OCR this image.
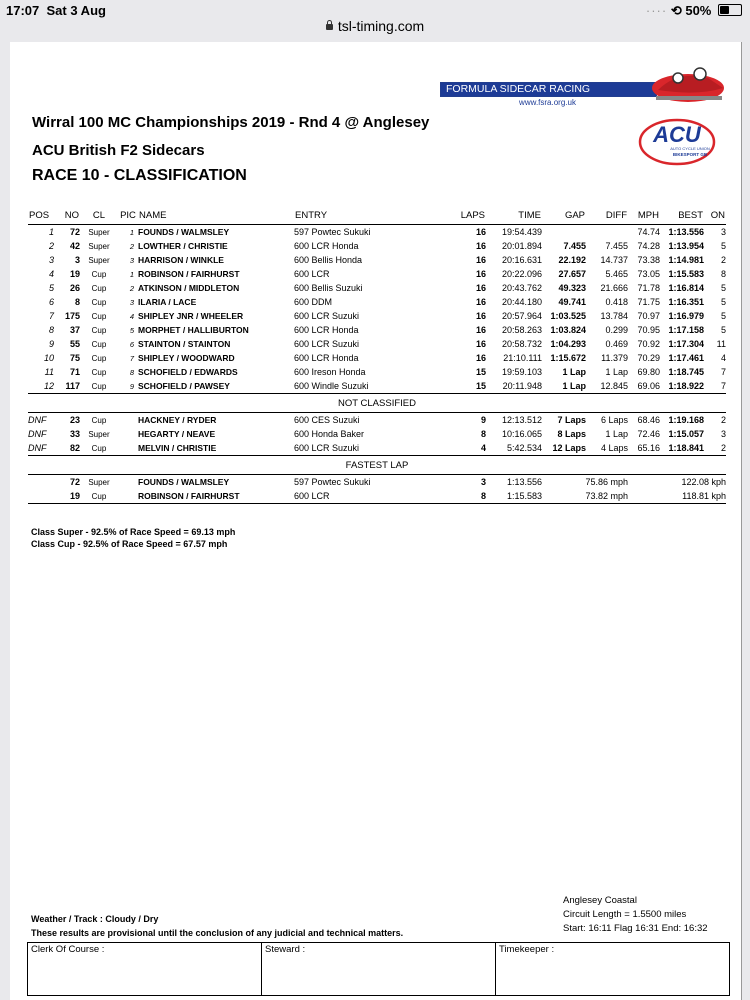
17:07 Sat 3 Aug	···· ⟲ 50%
tsl-timing.com
FORMULA SIDECAR RACING ASSOCIATION www.fsra.org.uk
ACU
AUTO CYCLE UNION
BIKESPORT GB
Wirral 100 MC Championships 2019 - Rnd 4 @ Anglesey
ACU British F2 Sidecars
RACE 10 - CLASSIFICATION
POS	NO	CL	PIC	NAME	ENTRY	LAPS	TIME	GAP	DIFF	MPH	BEST	ON	
1	72	Super	1	FOUNDS / WALMSLEY	597 Powtec Sukuki	16	19:54.439			74.74	1:13.556	3	
2	42	Super	2	LOWTHER / CHRISTIE	600 LCR Honda	16	20:01.894	7.455	7.455	74.28	1:13.954	5	
3	3	Super	3	HARRISON / WINKLE	600 Bellis Honda	16	20:16.631	22.192	14.737	73.38	1:14.981	2	
4	19	Cup	1	ROBINSON / FAIRHURST	600 LCR	16	20:22.096	27.657	5.465	73.05	1:15.583	8	
5	26	Cup	2	ATKINSON / MIDDLETON	600 Bellis Suzuki	16	20:43.762	49.323	21.666	71.78	1:16.814	5	
6	8	Cup	3	ILARIA / LACE	600 DDM	16	20:44.180	49.741	0.418	71.75	1:16.351	5	
7	175	Cup	4	SHIPLEY JNR / WHEELER	600 LCR Suzuki	16	20:57.964	1:03.525	13.784	70.97	1:16.979	5	
8	37	Cup	5	MORPHET / HALLIBURTON	600 LCR Honda	16	20:58.263	1:03.824	0.299	70.95	1:17.158	5	
9	55	Cup	6	STAINTON / STAINTON	600 LCR Suzuki	16	20:58.732	1:04.293	0.469	70.92	1:17.304	11	
10	75	Cup	7	SHIPLEY / WOODWARD	600 LCR Honda	16	21:10.111	1:15.672	11.379	70.29	1:17.461	4	
11	71	Cup	8	SCHOFIELD / EDWARDS	600 Ireson Honda	15	19:59.103	1 Lap	1 Lap	69.80	1:18.745	7	
12	117	Cup	9	SCHOFIELD / PAWSEY	600 Windle Suzuki	15	20:11.948	1 Lap	12.845	69.06	1:18.922	7	
NOT CLASSIFIED													
DNF	23	Cup		HACKNEY / RYDER	600 CES Suzuki	9	12:13.512	7 Laps	6 Laps	68.46	1:19.168	2	
DNF	33	Super		HEGARTY / NEAVE	600 Honda Baker	8	10:16.065	8 Laps	1 Lap	72.46	1:15.057	3	
DNF	82	Cup		MELVIN / CHRISTIE	600 LCR Suzuki	4	5:42.534	12 Laps	4 Laps	65.16	1:18.841	2	
FASTEST LAP													
	72	Super		FOUNDS / WALMSLEY	597 Powtec Sukuki	3	1:13.556	75.86 mph			122.08 kph		
	19	Cup		ROBINSON / FAIRHURST	600 LCR	8	1:15.583	73.82 mph			118.81 kph		

Class Super - 92.5% of Race Speed = 69.13 mph
Class Cup - 92.5% of Race Speed = 67.57 mph
Anglesey Coastal
Circuit Length = 1.5500 miles
Start: 16:11 Flag 16:31 End: 16:32
Weather / Track : Cloudy / Dry
These results are provisional until the conclusion of any judicial and technical matters.
Clerk Of Course :	Steward :	Timekeeper :
